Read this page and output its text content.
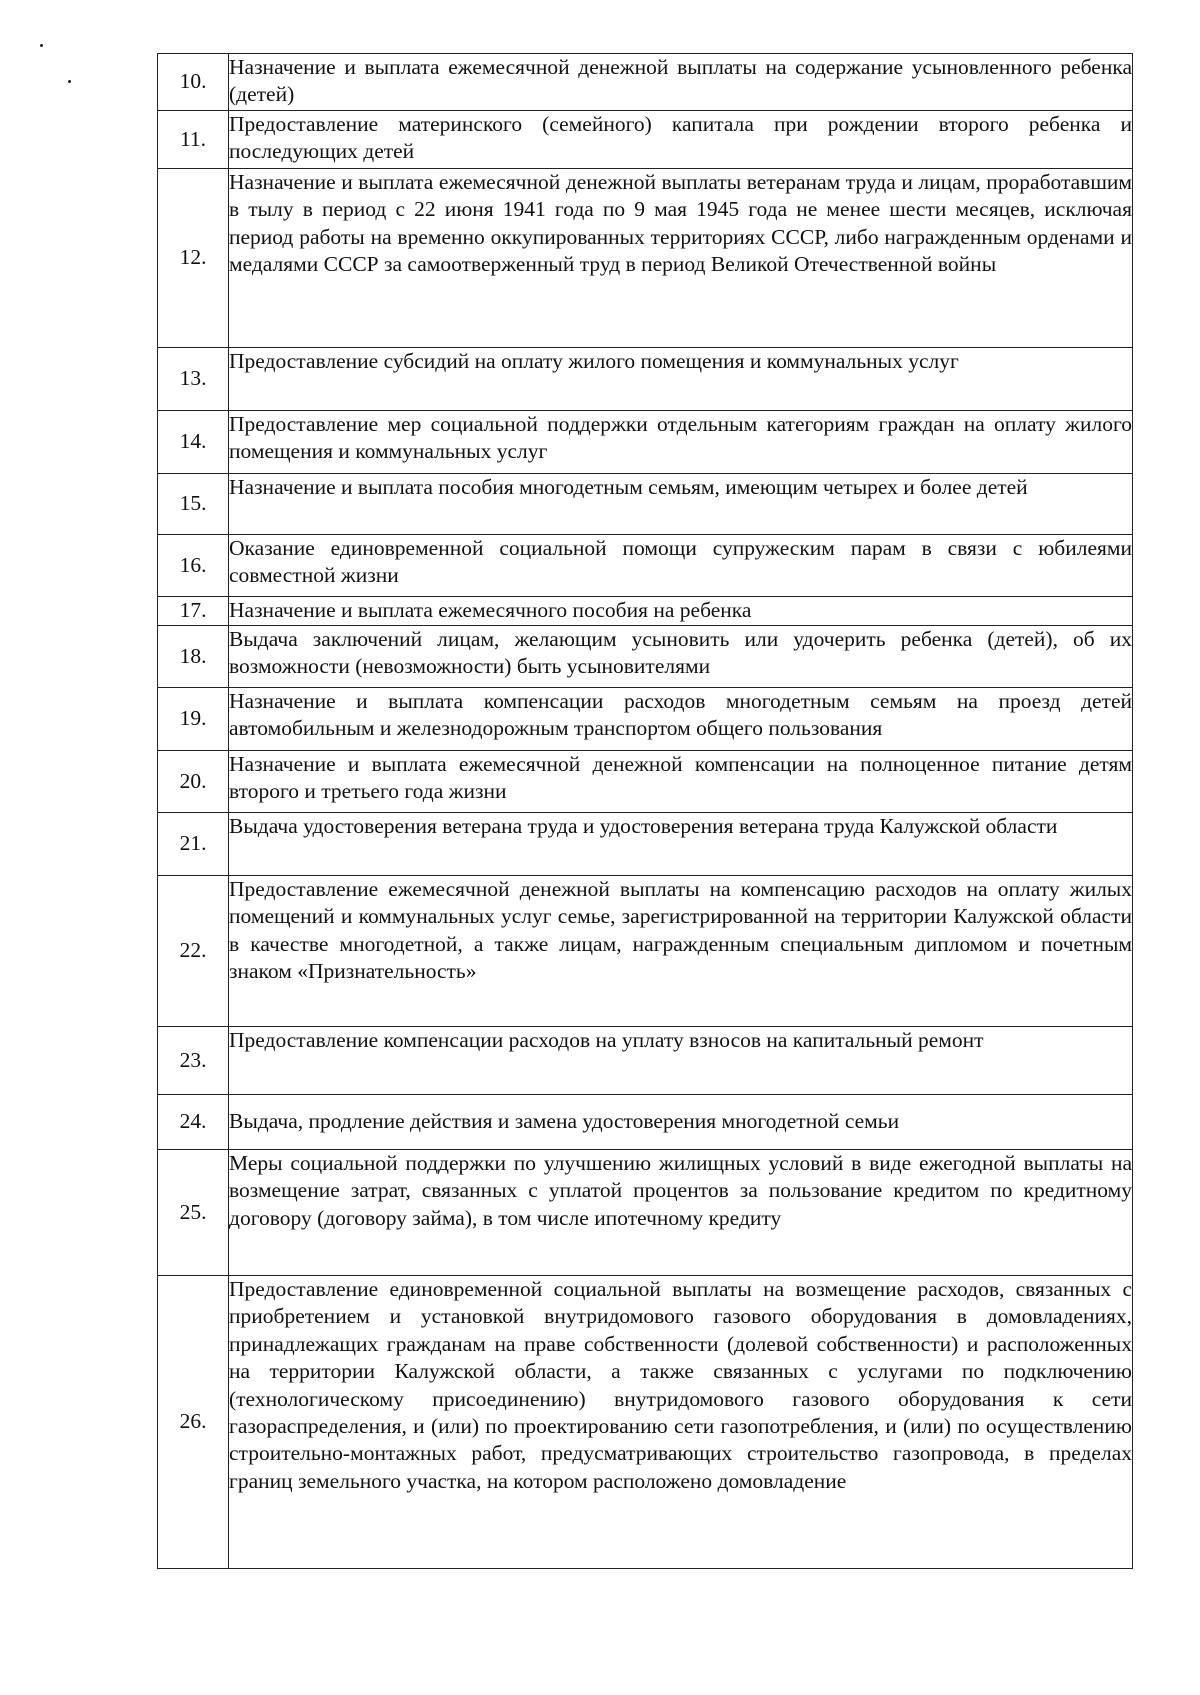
10.	Назначение и выплата ежемесячной денежной выплаты на содержание усыновленного ребенка (детей)
11.	Предоставление материнского (семейного) капитала при рождении второго ребенка и последующих детей
12.	Назначение и выплата ежемесячной денежной выплаты ветеранам труда и лицам, проработавшим в тылу в период с 22 июня 1941 года по 9 мая 1945 года не менее шести месяцев, исключая период работы на временно оккупированных территориях СССР, либо награжденным орденами и медалями СССР за самоотверженный труд в период Великой Отечественной войны
13.	Предоставление субсидий на оплату жилого помещения и коммунальных услуг
14.	Предоставление мер социальной поддержки отдельным категориям граждан на оплату жилого помещения и коммунальных услуг
15.	Назначение и выплата пособия многодетным семьям, имеющим четырех и более детей
16.	Оказание единовременной социальной помощи супружеским парам в связи с юбилеями совместной жизни
17.	Назначение и выплата ежемесячного пособия на ребенка
18.	Выдача заключений лицам, желающим усыновить или удочерить ребенка (детей), об их возможности (невозможности) быть усыновителями
19.	Назначение и выплата компенсации расходов многодетным семьям на проезд детей автомобильным и железнодорожным транспортом общего пользования
20.	Назначение и выплата ежемесячной денежной компенсации на полноценное питание детям второго и третьего года жизни
21.	Выдача удостоверения ветерана труда и удостоверения ветерана труда Калужской области
22.	Предоставление ежемесячной денежной выплаты на компенсацию расходов на оплату жилых помещений и коммунальных услуг семье, зарегистрированной на территории Калужской области в качестве многодетной, а также лицам, награжденным специальным дипломом и почетным знаком «Признательность»
23.	Предоставление компенсации расходов на уплату взносов на капитальный ремонт
24.	Выдача, продление действия и замена удостоверения многодетной семьи
25.	Меры социальной поддержки по улучшению жилищных условий в виде ежегодной выплаты на возмещение затрат, связанных с уплатой процентов за пользование кредитом по кредитному договору (договору займа), в том числе ипотечному кредиту
26.	Предоставление единовременной социальной выплаты на возмещение расходов, связанных с приобретением и установкой внутридомового газового оборудования в домовладениях, принадлежащих гражданам на праве собственности (долевой собственности) и расположенных на территории Калужской области, а также связанных с услугами по подключению (технологическому присоединению) внутридомового газового оборудования к сети газораспределения, и (или) по проектированию сети газопотребления, и (или) по осуществлению строительно-монтажных работ, предусматривающих строительство газопровода, в пределах границ земельного участка, на котором расположено домовладение
